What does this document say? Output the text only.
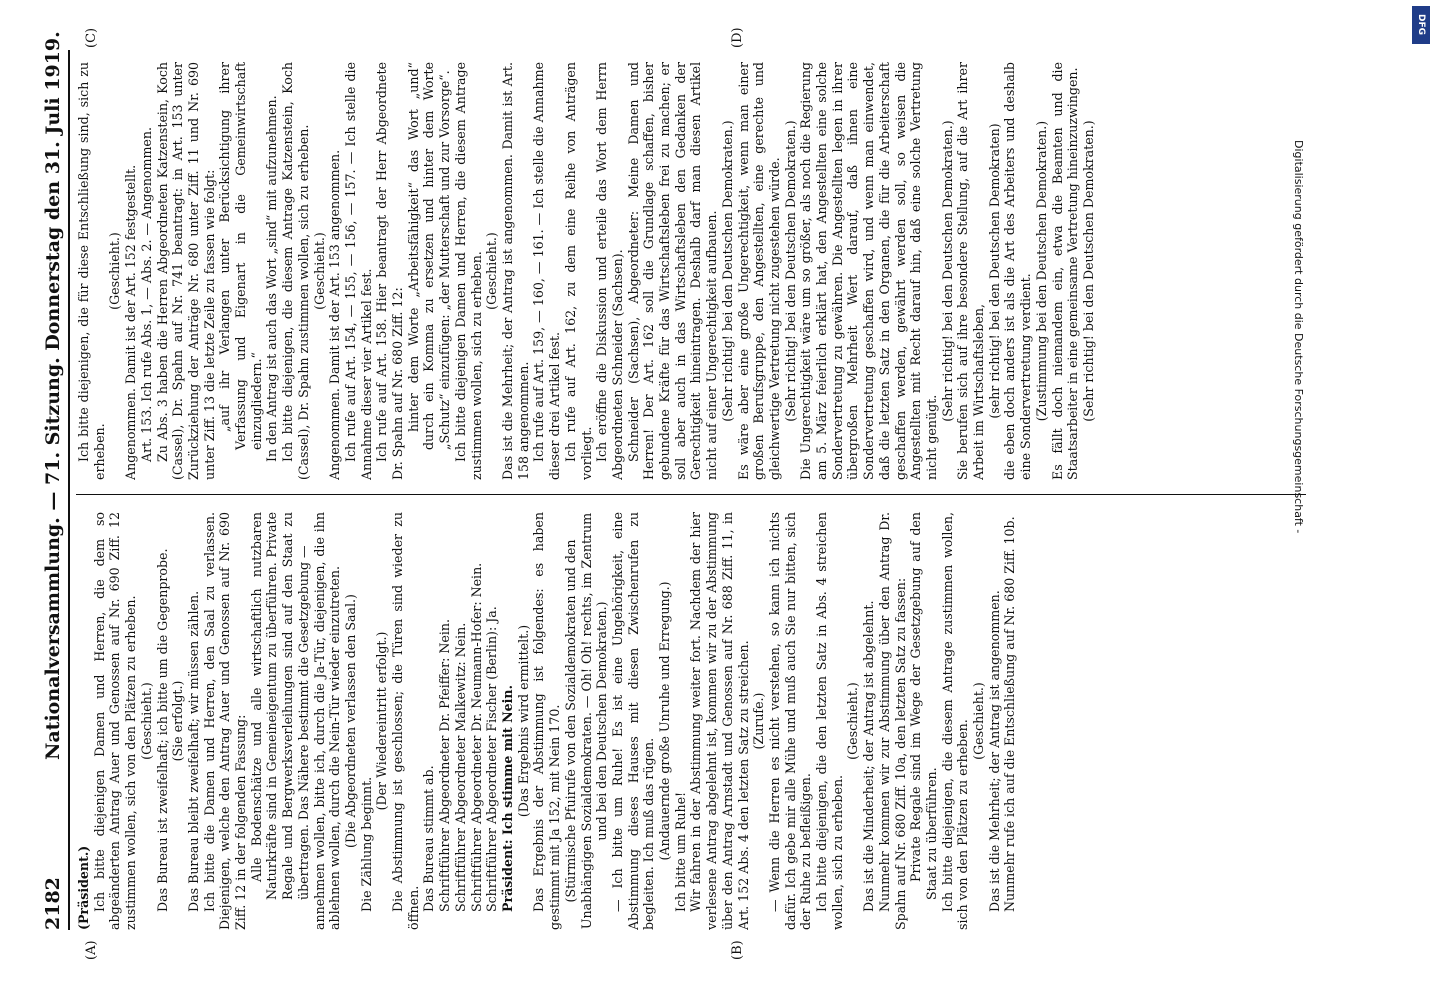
2182
Nationalversammlung. — 71. Sitzung. Donnerstag den 31. Juli 1919.
(A)	(B)
(C)	(D)

(Präsident.) Ich bitte diejenigen Damen und Herren, die dem so abgeänderten Antrag Auer und Genossen auf Nr. 690 Ziff. 12 zustimmen wollen, sich von den Plätzen zu erheben. (Geschieht.) Das Bureau ist zweifelhaft; ich bitte um die Gegenprobe. (Sie erfolgt.) Das Bureau bleibt zweifelhaft; wir müssen zählen. Ich bitte die Damen und Herren, den Saal zu verlassen. Diejenigen, welche den Antrag Auer und Genossen auf Nr. 690 Ziff. 12 in der folgenden Fassung: Alle Bodenschätze und alle wirtschaftlich nutzbaren Naturkräfte sind in Gemeineigentum zu überführen. Private Regale und Bergwerksverleihungen sind auf den Staat zu übertragen. Das Nähere bestimmt die Gesetzgebung — annehmen wollen, bitte ich, durch die Ja-Tür, diejenigen, die ihn ablehnen wollen, durch die Nein-Tür wieder einzutreten. (Die Abgeordneten verlassen den Saal.) Die Zählung beginnt.

(Der Wiedereintritt erfolgt.) Die Abstimmung ist geschlossen; die Türen sind wieder zu öffnen. Das Bureau stimmt ab. Schriftführer Abgeordneter Dr. Pfeiffer: Nein. Schriftführer Abgeordneter Malkewitz: Nein. Schriftführer Abgeordneter Dr. Neumann-Hofer: Nein. Schriftführer Abgeordneter Fischer (Berlin): Ja. Präsident: Ich stimme mit Nein. (Das Ergebnis wird ermittelt.) Das Ergebnis der Abstimmung ist folgendes: es haben gestimmt mit Ja 152, mit Nein 170. (Stürmische Pfuirufe von den Sozialdemokraten und den Unabhängigen Sozialdemokraten. — Oh! Oh! rechts, im Zentrum und bei den Deutschen Demokraten.) — Ich bitte um Ruhe! Es ist eine Ungehörigkeit, eine Abstimmung dieses Hauses mit diesen Zwischenrufen zu begleiten. Ich muß das rügen. (Andauernde große Unruhe und Erregung.) Ich bitte um Ruhe! Wir fahren in der Abstimmung weiter fort. Nachdem der hier verlesene Antrag abgelehnt ist, kommen wir zu der Abstimmung über den Antrag Arnstadt und Genossen auf Nr. 688 Ziff. 11, in Art. 152 Abs. 4 den letzten Satz zu streichen. (Zurufe.) — Wenn die Herren es nicht verstehen, so kann ich nichts dafür. Ich gebe mir alle Mühe und muß auch Sie nur bitten, sich der Ruhe zu befleißigen. Ich bitte diejenigen, die den letzten Satz in Abs. 4 streichen wollen, sich zu erheben.

(Geschieht.) Das ist die Minderheit; der Antrag ist abgelehnt. Nunmehr kommen wir zur Abstimmung über den Antrag Dr. Spahn auf Nr. 680 Ziff. 10a, den letzten Satz zu fassen: Private Regale sind im Wege der Gesetzgebung auf den Staat zu überführen. Ich bitte diejenigen, die diesem Antrage zustimmen wollen, sich von den Plätzen zu erheben. (Geschieht.) Das ist die Mehrheit; der Antrag ist angenommen. Nunmehr rufe ich auf die Entschließung auf Nr. 680 Ziff. 10b.

Ich bitte diejenigen, die für diese Entschließung sind, sich zu erheben.

(Geschieht.) Angenommen. Damit ist der Art. 152 festgestellt. Art. 153. Ich rufe Abs. 1, — Abs. 2. — Angenommen. Zu Abs. 3 haben die Herren Abgeordneten Katzenstein, Koch (Cassel), Dr. Spahn auf Nr. 741 beantragt: in Art. 153 unter Zurückziehung der Anträge Nr. 680 unter Ziff. 11 und Nr. 690 unter Ziff. 13 die letzte Zeile zu fassen wie folgt: „auf ihr Verlangen unter Berücksichtigung ihrer Verfassung und Eigenart in die Gemeinwirtschaft einzugliedern.“ In den Antrag ist auch das Wort „sind“ mit aufzunehmen. Ich bitte diejenigen, die diesem Antrage Katzenstein, Koch (Cassel), Dr. Spahn zustimmen wollen, sich zu erheben. (Geschieht.) Angenommen. Damit ist der Art. 153 angenommen. Ich rufe auf Art. 154, — 155, — 156, — 157. — Ich stelle die Annahme dieser vier Artikel fest. Ich rufe auf Art. 158. Hier beantragt der Herr Abgeordnete Dr. Spahn auf Nr. 680 Ziff. 12: hinter dem Worte „Arbeitsfähigkeit“ das Wort „und“ durch ein Komma zu ersetzen und hinter dem Worte „Schutz“ einzufügen: „der Mutterschaft und zur Vorsorge“. Ich bitte diejenigen Damen und Herren, die diesem Antrage zustimmen wollen, sich zu erheben. (Geschieht.) Das ist die Mehrheit; der Antrag ist angenommen. Damit ist Art. 158 angenommen. Ich rufe auf Art. 159, — 160, — 161. — Ich stelle die Annahme dieser drei Artikel fest. Ich rufe auf Art. 162, zu dem eine Reihe von Anträgen vorliegt. Ich eröffne die Diskussion und erteile das Wort dem Herrn Abgeordneten Schneider (Sachsen). Schneider (Sachsen), Abgeordneter: Meine Damen und Herren! Der Art. 162 soll die Grundlage schaffen, bisher gebundene Kräfte für das Wirtschaftsleben frei zu machen; er soll aber auch in das Wirtschaftsleben den Gedanken der Gerechtigkeit hineintragen. Deshalb darf man diesen Artikel nicht auf einer Ungerechtigkeit aufbauen. (Sehr richtig! bei den Deutschen Demokraten.) Es wäre aber eine große Ungerechtigkeit, wenn man einer großen Berufsgruppe, den Angestellten, eine gerechte und gleichwertige Vertretung nicht zugestehen würde. (Sehr richtig! bei den Deutschen Demokraten.) Die Ungerechtigkeit wäre um so größer, als noch die Regierung am 5. März feierlich erklärt hat, den Angestellten eine solche Sondervertretung zu gewähren. Die Angestellten legen in ihrer übergroßen Mehrheit Wert darauf, daß ihnen eine Sondervertretung geschaffen wird, und wenn man einwendet, daß die letzten Satz in den Organen, die für die Arbeiterschaft geschaffen werden, gewährt werden soll, so weisen die Angestellten mit Recht darauf hin, daß eine solche Vertretung nicht genügt.

(Sehr richtig! bei den Deutschen Demokraten.) Sie berufen sich auf ihre besondere Stellung, auf die Art ihrer Arbeit im Wirtschaftsleben, (sehr richtig! bei den Deutschen Demokraten) die eben doch anders ist als die Art des Arbeiters und deshalb eine Sondervertretung verdient. (Zustimmung bei den Deutschen Demokraten.) Es fällt doch niemandem ein, etwa die Beamten und die Staatsarbeiter in eine gemeinsame Vertretung hineinzuzwingen. (Sehr richtig! bei den Deutschen Demokraten.)	Digitalisierung gefördert durch die Deutsche Forschungsgemeinschaft -
DFG
